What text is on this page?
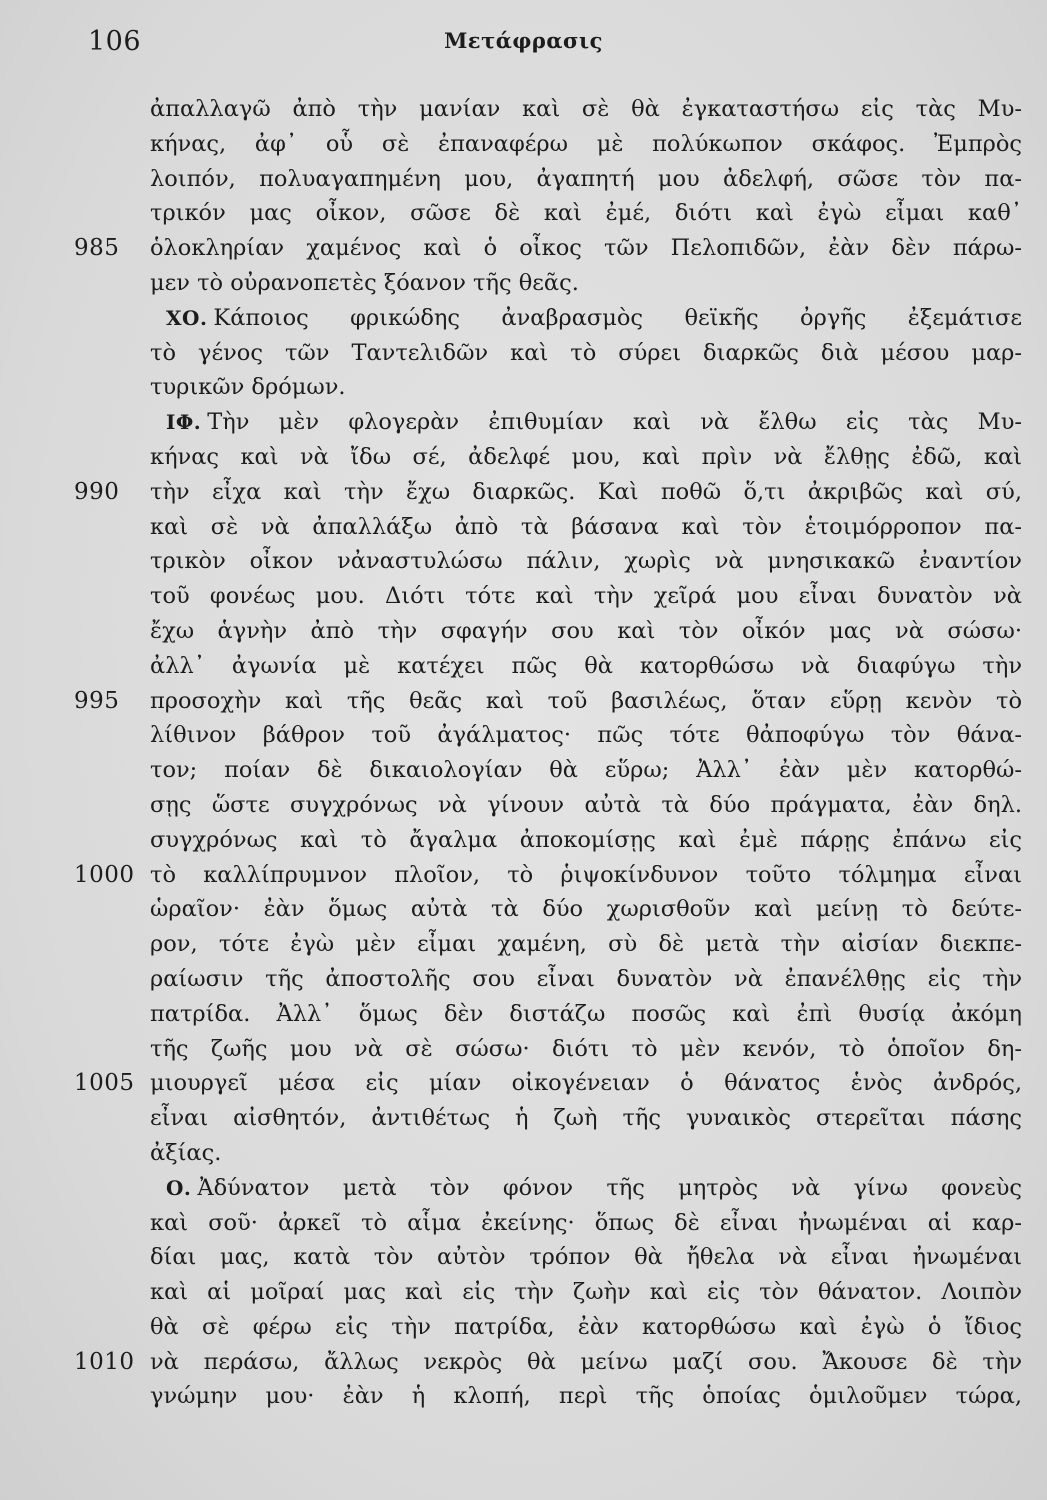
106	Μετάφρασις
ἀπαλλαγῶ ἀπὸ τὴν μανίαν καὶ σὲ θὰ ἐγκαταστήσω εἰς τὰς Μυ-
κήνας, ἀφ᾽ οὗ σὲ ἐπαναφέρω μὲ πολύκωπον σκάφος. Ἐμπρὸς
λοιπόν, πολυαγαπημένη μου, ἀγαπητή μου ἀδελφή, σῶσε τὸν πα-
τρικόν μας οἶκον, σῶσε δὲ καὶ ἐμέ, διότι καὶ ἐγὼ εἶμαι καθ᾽
985	ὁλοκληρίαν χαμένος καὶ ὁ οἶκος τῶν Πελοπιδῶν, ἐὰν δὲν πάρω-
μεν τὸ οὐρανοπετὲς ξόανον τῆς θεᾶς.
ΧΟ. Κάποιος φρικώδης ἀναβρασμὸς θεϊκῆς ὀργῆς ἐξεμάτισε
τὸ γένος τῶν Ταντελιδῶν καὶ τὸ σύρει διαρκῶς διὰ μέσου μαρ-
τυρικῶν δρόμων.
ΙΦ. Τὴν μὲν φλογερὰν ἐπιθυμίαν καὶ νὰ ἔλθω εἰς τὰς Μυ-
κήνας καὶ νὰ ἴδω σέ, ἀδελφέ μου, καὶ πρὶν νὰ ἔλθῃς ἐδῶ, καὶ
990	τὴν εἶχα καὶ τὴν ἔχω διαρκῶς. Καὶ ποθῶ ὅ,τι ἀκριβῶς καὶ σύ,
καὶ σὲ νὰ ἀπαλλάξω ἀπὸ τὰ βάσανα καὶ τὸν ἑτοιμόρροπον πα-
τρικὸν οἶκον νἀναστυλώσω πάλιν, χωρὶς νὰ μνησικακῶ ἐναντίον
τοῦ φονέως μου. Διότι τότε καὶ τὴν χεῖρά μου εἶναι δυνατὸν νὰ
ἔχω ἁγνὴν ἀπὸ τὴν σφαγήν σου καὶ τὸν οἶκόν μας νὰ σώσω·
ἀλλ᾽ ἀγωνία μὲ κατέχει πῶς θὰ κατορθώσω νὰ διαφύγω τὴν
995	προσοχὴν καὶ τῆς θεᾶς καὶ τοῦ βασιλέως, ὅταν εὕρῃ κενὸν τὸ
λίθινον βάθρον τοῦ ἀγάλματος· πῶς τότε θἀποφύγω τὸν θάνα-
τον; ποίαν δὲ δικαιολογίαν θὰ εὕρω; Ἀλλ᾽ ἐὰν μὲν κατορθώ-
σῃς ὥστε συγχρόνως νὰ γίνουν αὐτὰ τὰ δύο πράγματα, ἐὰν δηλ.
συγχρόνως καὶ τὸ ἄγαλμα ἀποκομίσῃς καὶ ἐμὲ πάρῃς ἐπάνω εἰς
1000 τὸ καλλίπρυμνον πλοῖον, τὸ ῥιψοκίνδυνον τοῦτο τόλμημα εἶναι
ὡραῖον· ἐὰν ὅμως αὐτὰ τὰ δύο χωρισθοῦν καὶ μείνῃ τὸ δεύτε-
ρον, τότε ἐγὼ μὲν εἶμαι χαμένη, σὺ δὲ μετὰ τὴν αἰσίαν διεκπε-
ραίωσιν τῆς ἀποστολῆς σου εἶναι δυνατὸν νὰ ἐπανέλθῃς εἰς τὴν
πατρίδα. Ἀλλ᾽ ὅμως δὲν διστάζω ποσῶς καὶ ἐπὶ θυσίᾳ ἀκόμη
τῆς ζωῆς μου νὰ σὲ σώσω· διότι τὸ μὲν κενόν, τὸ ὁποῖον δη-
1005 μιουργεῖ μέσα εἰς μίαν οἰκογένειαν ὁ θάνατος ἑνὸς ἀνδρός,
εἶναι αἰσθητόν, ἀντιθέτως ἡ ζωὴ τῆς γυναικὸς στερεῖται πάσης
ἀξίας.
Ο. Ἀδύνατον μετὰ τὸν φόνον τῆς μητρὸς νὰ γίνω φονεὺς
καὶ σοῦ· ἀρκεῖ τὸ αἷμα ἐκείνης· ὅπως δὲ εἶναι ἠνωμέναι αἱ καρ-
δίαι μας, κατὰ τὸν αὐτὸν τρόπον θὰ ἤθελα νὰ εἶναι ἠνωμέναι
καὶ αἱ μοῖραί μας καὶ εἰς τὴν ζωὴν καὶ εἰς τὸν θάνατον. Λοιπὸν
θὰ σὲ φέρω εἰς τὴν πατρίδα, ἐὰν κατορθώσω καὶ ἐγὼ ὁ ἴδιος
1010 νὰ περάσω, ἄλλως νεκρὸς θὰ μείνω μαζί σου. Ἄκουσε δὲ τὴν
γνώμην μου· ἐὰν ἡ κλοπή, περὶ τῆς ὁποίας ὁμιλοῦμεν τώρα,
